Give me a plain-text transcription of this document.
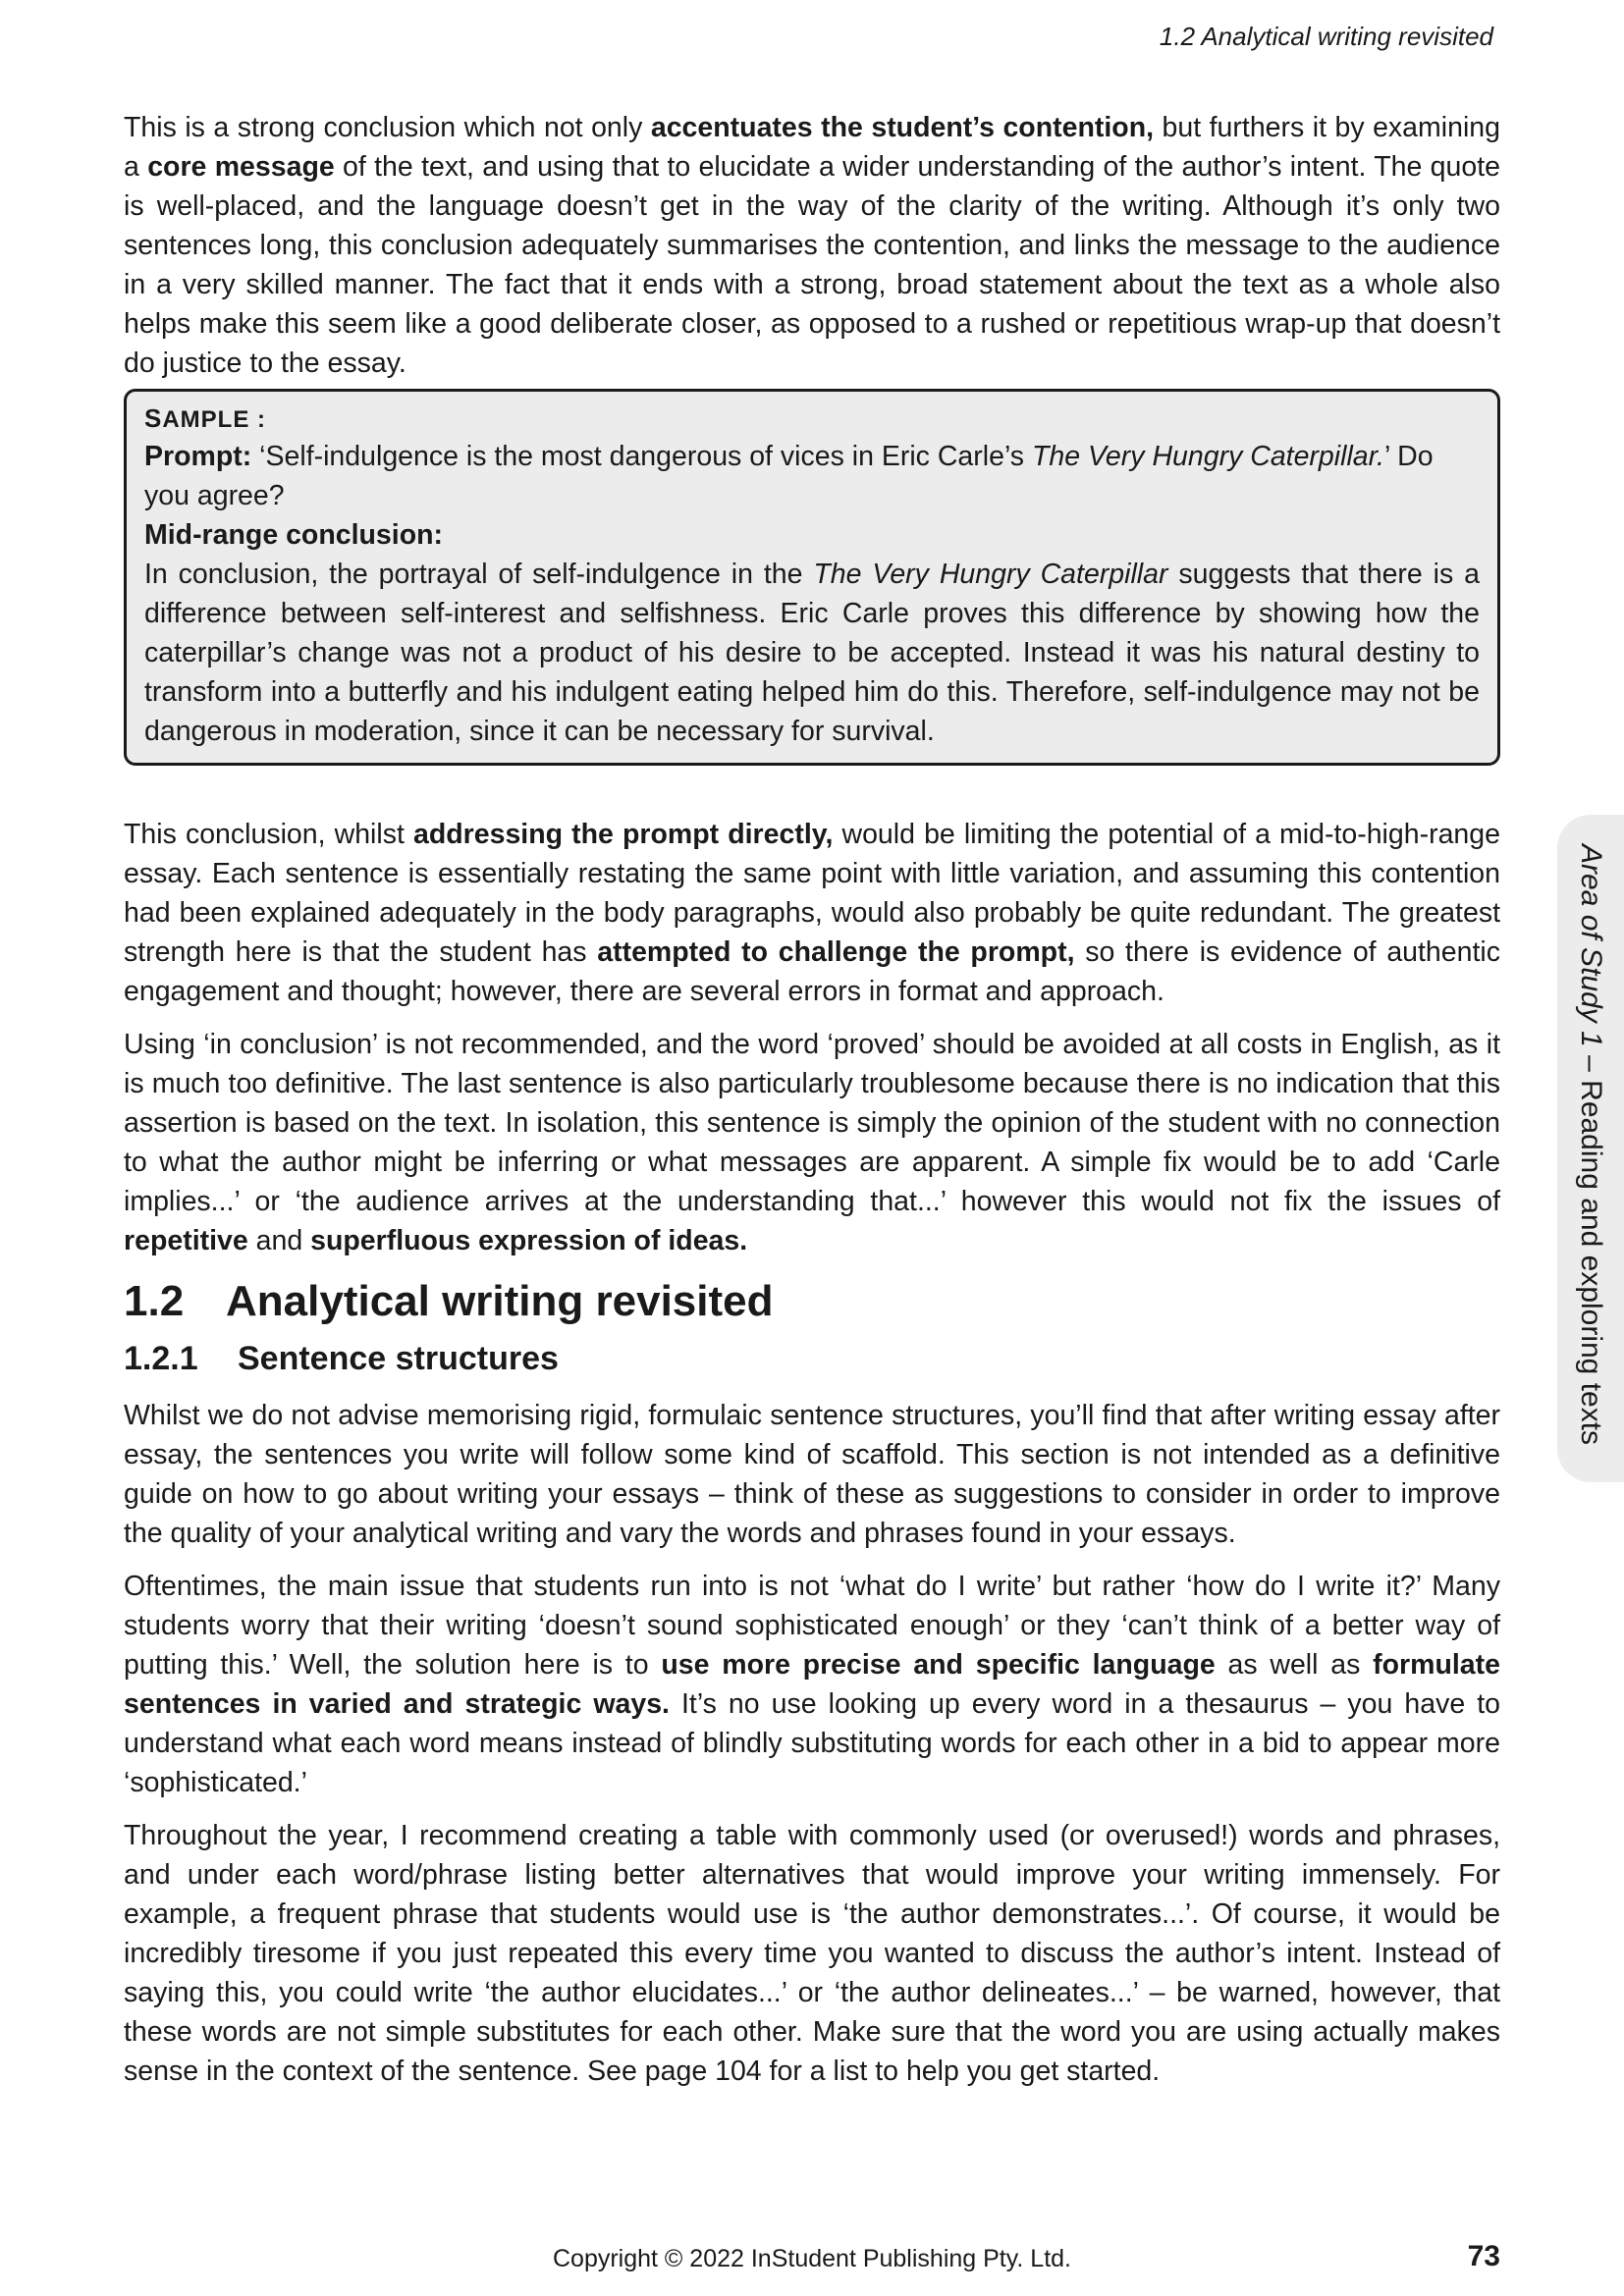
1.2 Analytical writing revisited
Area of Study 1 – Reading and exploring texts

This is a strong conclusion which not only accentuates the student’s contention, but furthers it by examining a core message of the text, and using that to elucidate a wider understanding of the author’s intent. The quote is well-placed, and the language doesn’t get in the way of the clarity of the writing. Although it’s only two sentences long, this conclusion adequately summarises the contention, and links the message to the audience in a very skilled manner. The fact that it ends with a strong, broad statement about the text as a whole also helps make this seem like a good deliberate closer, as opposed to a rushed or repetitious wrap-up that doesn’t do justice to the essay.

SAMPLE :

Prompt: ‘Self-indulgence is the most dangerous of vices in Eric Carle’s The Very Hungry Caterpillar.’ Do you agree?

Mid-range conclusion:

In conclusion, the portrayal of self-indulgence in the The Very Hungry Caterpillar suggests that there is a difference between self-interest and selfishness. Eric Carle proves this difference by showing how the caterpillar’s change was not a product of his desire to be accepted. Instead it was his natural destiny to transform into a butterfly and his indulgent eating helped him do this. Therefore, self-indulgence may not be dangerous in moderation, since it can be necessary for survival.

This conclusion, whilst addressing the prompt directly, would be limiting the potential of a mid-to-high-range essay. Each sentence is essentially restating the same point with little variation, and assuming this contention had been explained adequately in the body paragraphs, would also probably be quite redundant. The greatest strength here is that the student has attempted to challenge the prompt, so there is evidence of authentic engagement and thought; however, there are several errors in format and approach.

Using ‘in conclusion’ is not recommended, and the word ‘proved’ should be avoided at all costs in English, as it is much too definitive. The last sentence is also particularly troublesome because there is no indication that this assertion is based on the text. In isolation, this sentence is simply the opinion of the student with no connection to what the author might be inferring or what messages are apparent. A simple fix would be to add ‘Carle implies...’ or ‘the audience arrives at the understanding that...’ however this would not fix the issues of repetitive and superfluous expression of ideas.

1.2 Analytical writing revisited
1.2.1 Sentence structures

Whilst we do not advise memorising rigid, formulaic sentence structures, you’ll find that after writing essay after essay, the sentences you write will follow some kind of scaffold. This section is not intended as a definitive guide on how to go about writing your essays – think of these as suggestions to consider in order to improve the quality of your analytical writing and vary the words and phrases found in your essays.

Oftentimes, the main issue that students run into is not ‘what do I write’ but rather ‘how do I write it?’ Many students worry that their writing ‘doesn’t sound sophisticated enough’ or they ‘can’t think of a better way of putting this.’ Well, the solution here is to use more precise and specific language as well as formulate sentences in varied and strategic ways. It’s no use looking up every word in a thesaurus – you have to understand what each word means instead of blindly substituting words for each other in a bid to appear more ‘sophisticated.’

Throughout the year, I recommend creating a table with commonly used (or overused!) words and phrases, and under each word/phrase listing better alternatives that would improve your writing immensely. For example, a frequent phrase that students would use is ‘the author demonstrates...’. Of course, it would be incredibly tiresome if you just repeated this every time you wanted to discuss the author’s intent. Instead of saying this, you could write ‘the author elucidates...’ or ‘the author delineates...’ – be warned, however, that these words are not simple substitutes for each other. Make sure that the word you are using actually makes sense in the context of the sentence. See page 104 for a list to help you get started.

Copyright © 2022 InStudent Publishing Pty. Ltd.	73
